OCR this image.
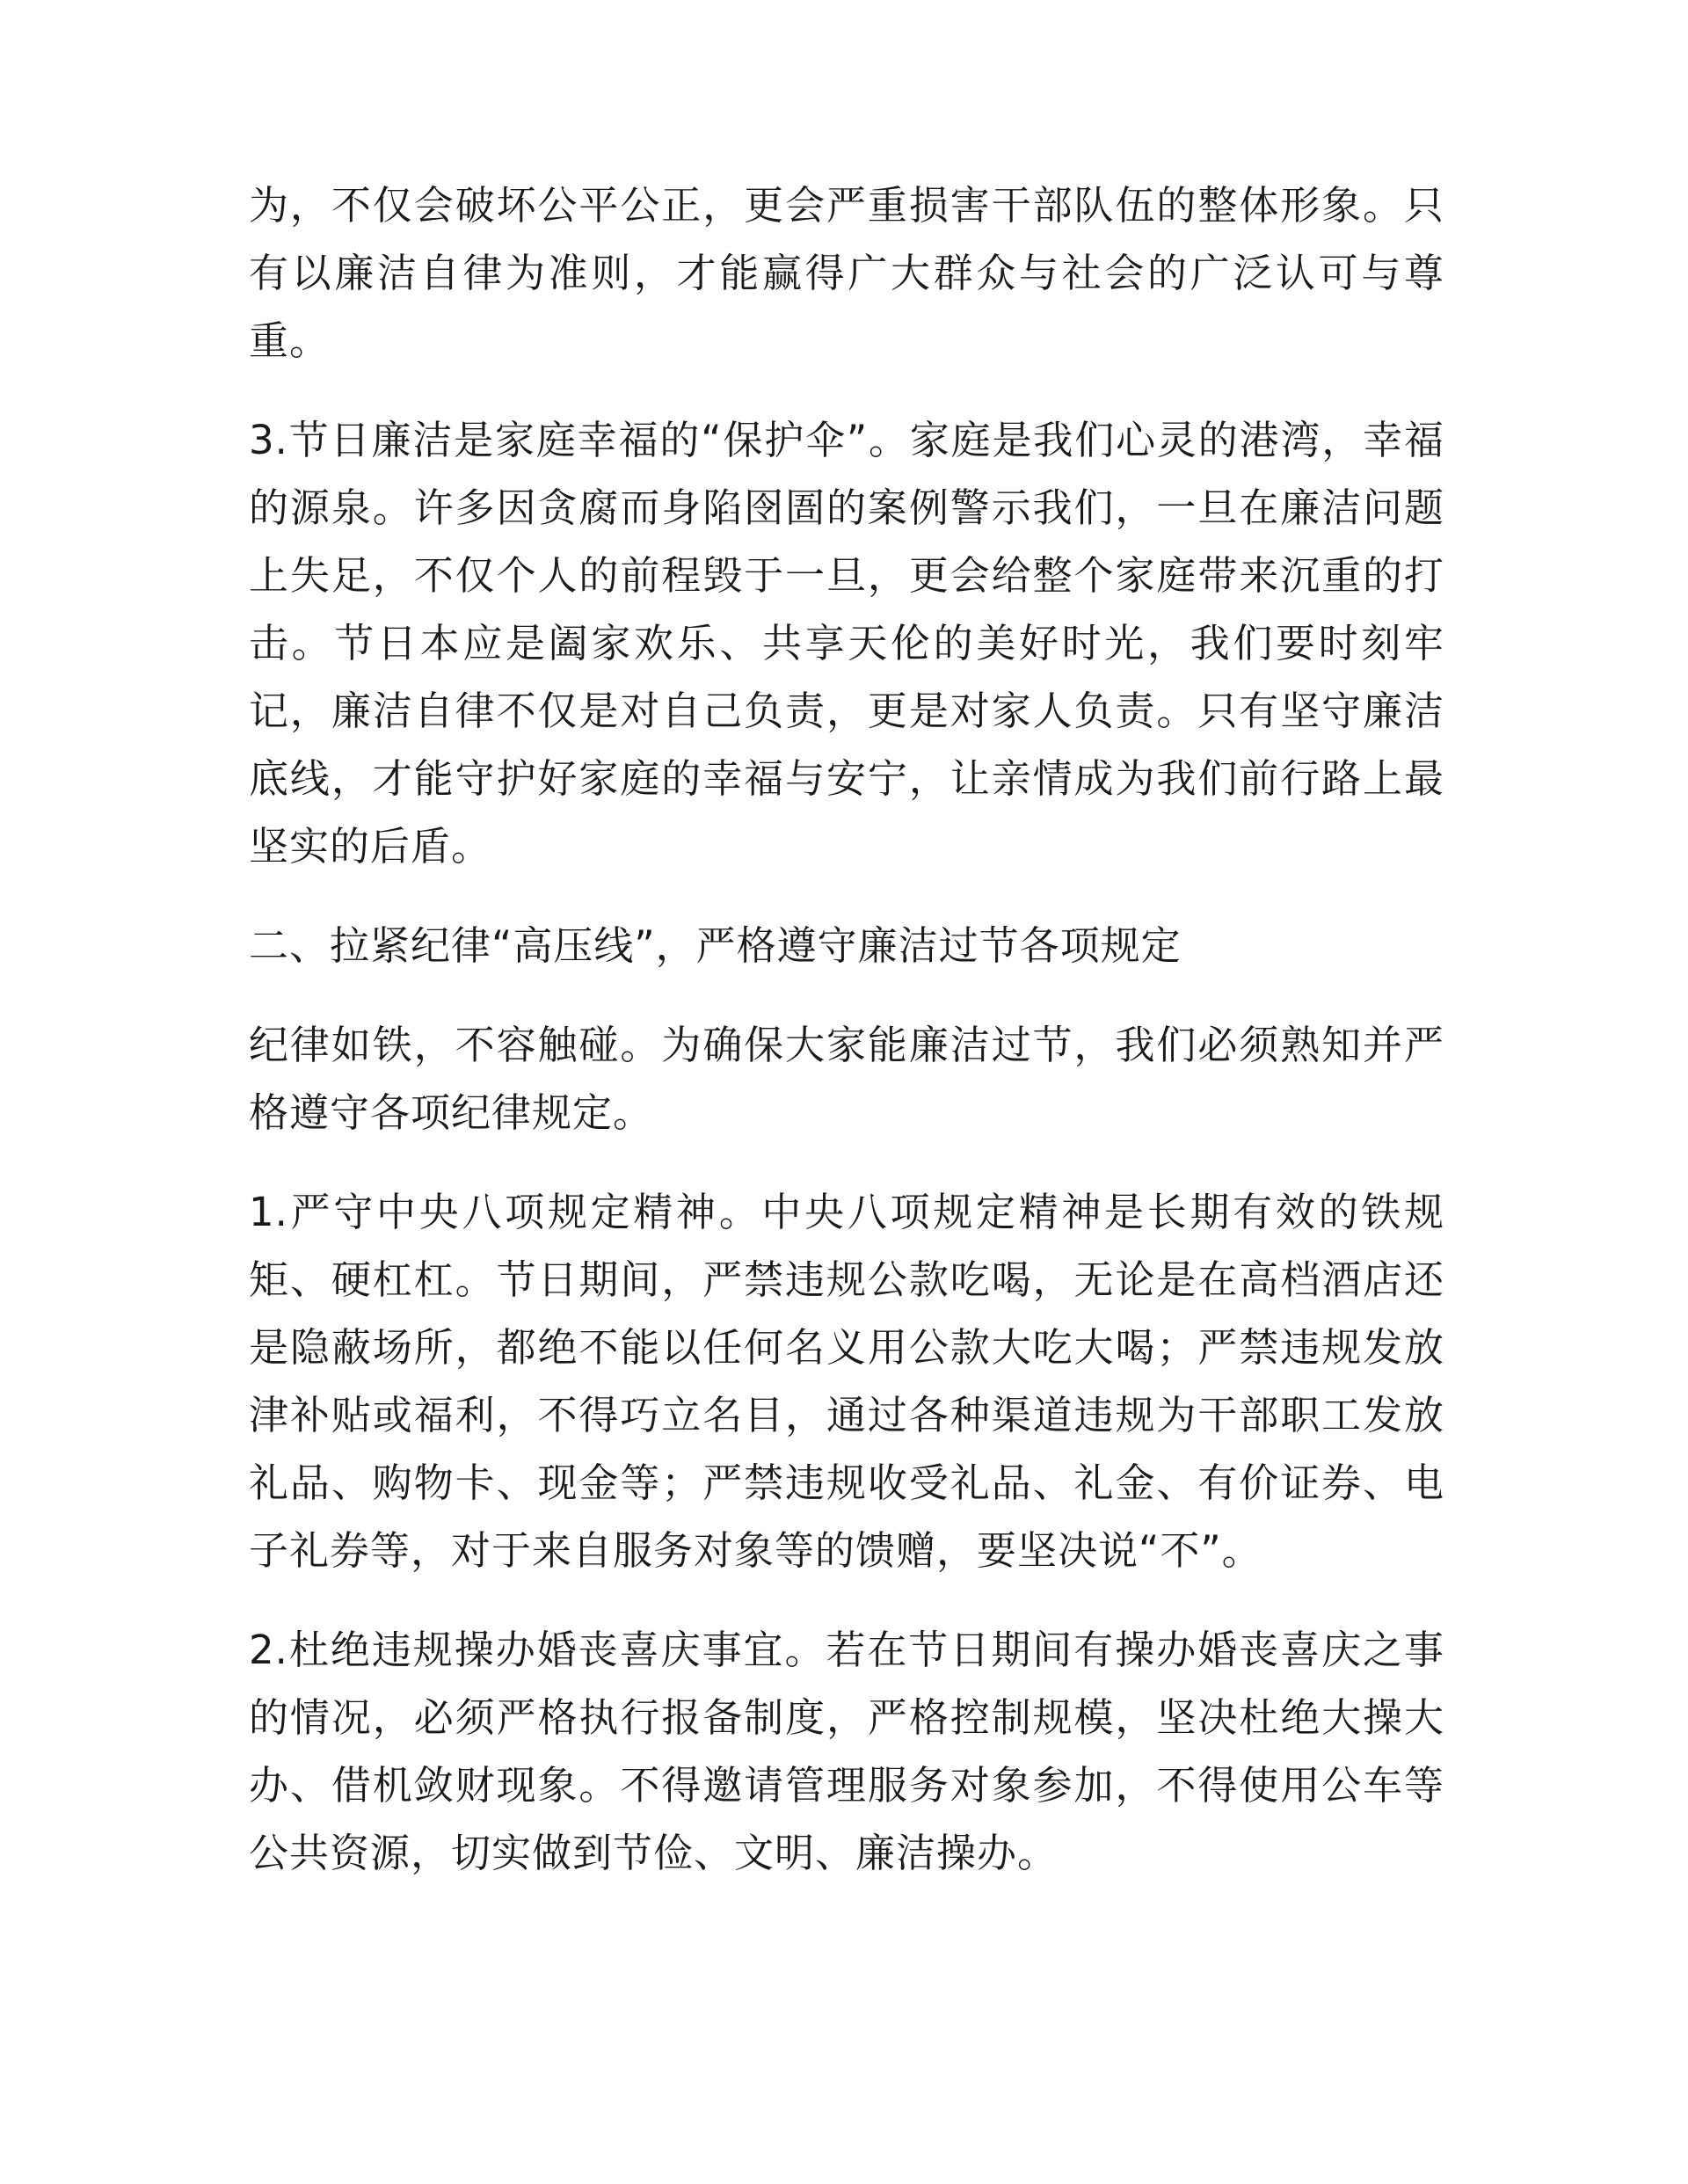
为，不仅会破坏公平公正，更会严重损害干部队伍的整体形象。只有以廉洁自律为准则，才能赢得广大群众与社会的广泛认可与尊重。

3.节日廉洁是家庭幸福的“保护伞”。家庭是我们心灵的港湾，幸福的源泉。许多因贪腐而身陷囹圄的案例警示我们，一旦在廉洁问题上失足，不仅个人的前程毁于一旦，更会给整个家庭带来沉重的打击。节日本应是阖家欢乐、共享天伦的美好时光，我们要时刻牢记，廉洁自律不仅是对自己负责，更是对家人负责。只有坚守廉洁底线，才能守护好家庭的幸福与安宁，让亲情成为我们前行路上最坚实的后盾。

二、拉紧纪律“高压线”，严格遵守廉洁过节各项规定

纪律如铁，不容触碰。为确保大家能廉洁过节，我们必须熟知并严格遵守各项纪律规定。

1.严守中央八项规定精神。中央八项规定精神是长期有效的铁规矩、硬杠杠。节日期间，严禁违规公款吃喝，无论是在高档酒店还是隐蔽场所，都绝不能以任何名义用公款大吃大喝；严禁违规发放津补贴或福利，不得巧立名目，通过各种渠道违规为干部职工发放礼品、购物卡、现金等；严禁违规收受礼品、礼金、有价证券、电子礼券等，对于来自服务对象等的馈赠，要坚决说“不”。

2.杜绝违规操办婚丧喜庆事宜。若在节日期间有操办婚丧喜庆之事的情况，必须严格执行报备制度，严格控制规模，坚决杜绝大操大办、借机敛财现象。不得邀请管理服务对象参加，不得使用公车等公共资源，切实做到节俭、文明、廉洁操办。
